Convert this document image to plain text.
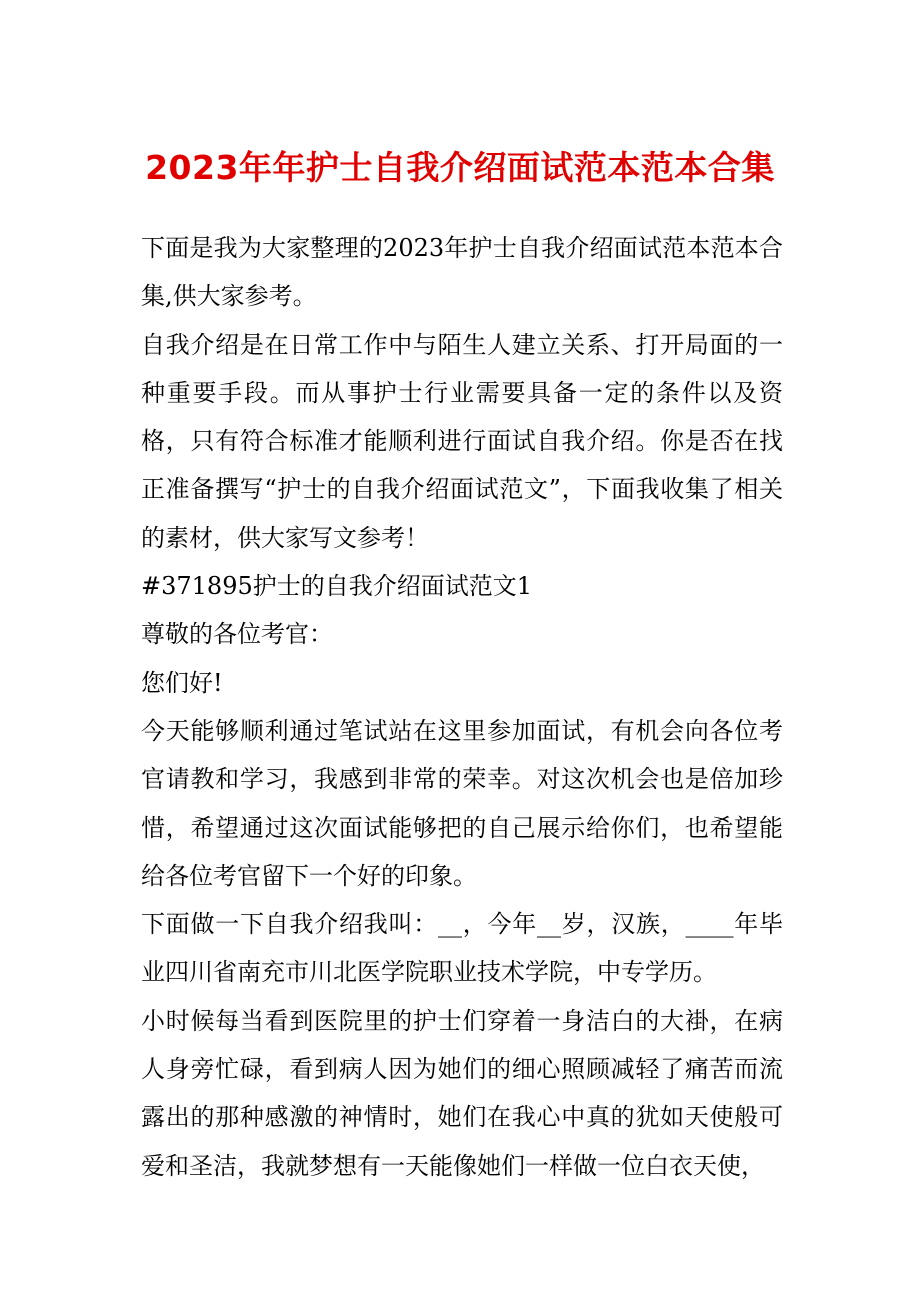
2023年年护士自我介绍面试范本范本合集

下面是我为大家整理的2023年护士自我介绍面试范本范本合集,供大家参考。

自我介绍是在日常工作中与陌生人建立关系、打开局面的一种重要手段。而从事护士行业需要具备一定的条件以及资格，只有符合标准才能顺利进行面试自我介绍。你是否在找正准备撰写“护士的自我介绍面试范文”，下面我收集了相关的素材，供大家写文参考！

#371895护士的自我介绍面试范文1

尊敬的各位考官：

您们好!

今天能够顺利通过笔试站在这里参加面试，有机会向各位考官请教和学习，我感到非常的荣幸。对这次机会也是倍加珍惜，希望通过这次面试能够把的自己展示给你们，也希望能给各位考官留下一个好的印象。

下面做一下自我介绍我叫：__，今年__岁，汉族，____年毕业四川省南充市川北医学院职业技术学院，中专学历。

小时候每当看到医院里的护士们穿着一身洁白的大褂，在病人身旁忙碌，看到病人因为她们的细心照顾减轻了痛苦而流露出的那种感激的神情时，她们在我心中真的犹如天使般可爱和圣洁，我就梦想有一天能像她们一样做一位白衣天使，
